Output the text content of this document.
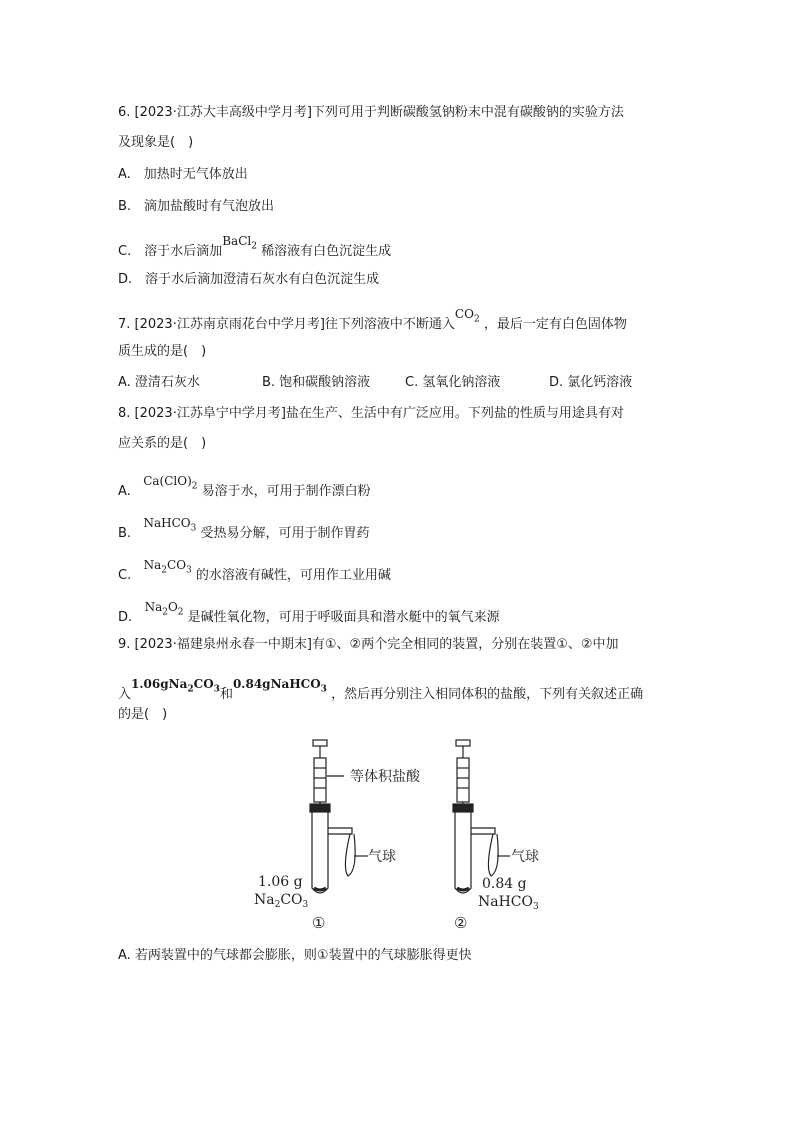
6. [2023·江苏大丰高级中学月考]下列可用于判断碳酸氢钠粉末中混有碳酸钠的实验方法
及现象是(　)
A.　加热时无气体放出
B.　滴加盐酸时有气泡放出
C.　溶于水后滴加BaCl$_2$ 稀溶液有白色沉淀生成
D.　溶于水后滴加澄清石灰水有白色沉淀生成
7. [2023·江苏南京雨花台中学月考]往下列溶液中不断通入$CO_2$ ，最后一定有白色固体物
质生成的是(　)
A. 澄清石灰水	B. 饱和碳酸钠溶液	C. 氢氧化钠溶液	D. 氯化钙溶液
8. [2023·江苏阜宁中学月考]盐在生产、生活中有广泛应用。下列盐的性质与用途具有对
应关系的是(　)
A.   $Ca(ClO)_2$ 易溶于水，可用于制作漂白粉
B.   NaHCO$_3$ 受热易分解，可用于制作胃药
C.   $Na_2CO_3$ 的水溶液有碱性，可用作工业用碱
D.   $Na_2O_2$ 是碱性氧化物，可用于呼吸面具和潜水艇中的氧气来源
9. [2023·福建泉州永春一中期末]有①、②两个完全相同的装置，分别在装置①、②中加
入$1.06gNa_2CO_3$和0.84gNaHCO$_3$ ，然后再分别注入相同体积的盐酸，下列有关叙述正确
的是(　)
等体积盐酸
气球	气球
1.06 g
$Na_2CO_3$
0.84 g
NaHCO$_3$
①	②
A. 若两装置中的气球都会膨胀，则①装置中的气球膨胀得更快
